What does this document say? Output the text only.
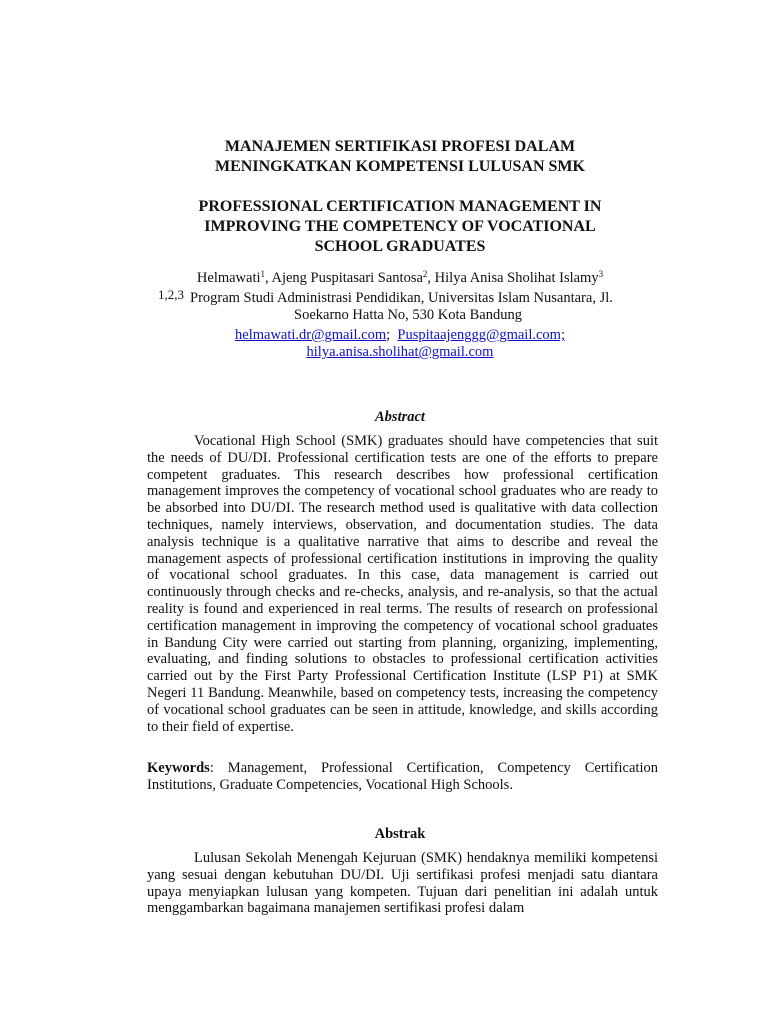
MANAJEMEN SERTIFIKASI PROFESI DALAM
MENINGKATKAN KOMPETENSI LULUSAN SMK
PROFESSIONAL CERTIFICATION MANAGEMENT IN
IMPROVING THE COMPETENCY OF VOCATIONAL
SCHOOL GRADUATES
Helmawati$^1$, Ajeng Puspitasari Santosa$^2$, Hilya Anisa Sholihat Islamy$^3$
1,2,3 Program Studi Administrasi Pendidikan, Universitas Islam Nusantara, Jl.
Soekarno Hatta No, 530 Kota Bandung
helmawati.dr@gmail.com; Puspitaajenggg@gmail.com;
hilya.anisa.sholihat@gmail.com
Abstract

Vocational High School (SMK) graduates should have competencies that suit the needs of DU/DI. Professional certification tests are one of the efforts to prepare competent graduates. This research describes how professional certification management improves the competency of vocational school graduates who are ready to be absorbed into DU/DI. The research method used is qualitative with data collection techniques, namely interviews, observation, and documentation studies. The data analysis technique is a qualitative narrative that aims to describe and reveal the management aspects of professional certification institutions in improving the quality of vocational school graduates. In this case, data management is carried out continuously through checks and re-checks, analysis, and re-analysis, so that the actual reality is found and experienced in real terms. The results of research on professional certification management in improving the competency of vocational school graduates in Bandung City were carried out starting from planning, organizing, implementing, evaluating, and finding solutions to obstacles to professional certification activities carried out by the First Party Professional Certification Institute (LSP P1) at SMK Negeri 11 Bandung. Meanwhile, based on competency tests, increasing the competency of vocational school graduates can be seen in attitude, knowledge, and skills according to their field of expertise.

Keywords: Management, Professional Certification, Competency Certification Institutions, Graduate Competencies, Vocational High Schools.

Abstrak

Lulusan Sekolah Menengah Kejuruan (SMK) hendaknya memiliki kompetensi yang sesuai dengan kebutuhan DU/DI. Uji sertifikasi profesi menjadi satu diantara upaya menyiapkan lulusan yang kompeten. Tujuan dari penelitian ini adalah untuk menggambarkan bagaimana manajemen sertifikasi profesi dalam
